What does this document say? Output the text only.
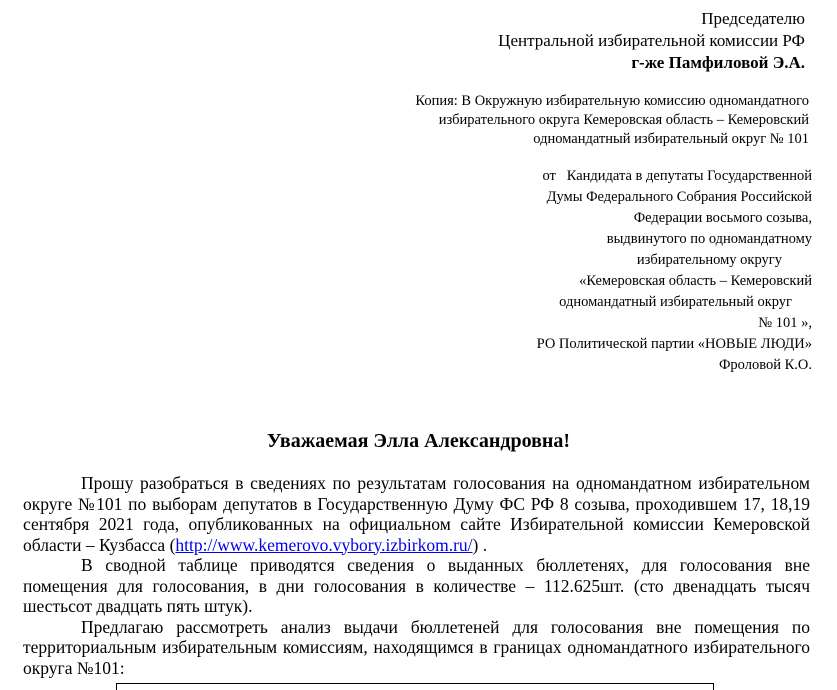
Председателю
Центральной избирательной комиссии РФ
г-же Памфиловой Э.А.
Копия: В Окружную избирательную комиссию одномандатного
избирательного округа Кемеровская область – Кемеровский
одномандатный избирательный округ № 101
от   Кандидата в депутаты Государственной
Думы Федерального Собрания Российской
Федерации восьмого созыва,
выдвинутого по одномандатному
избирательному округу
«Кемеровская область – Кемеровский
одномандатный избирательный округ
№ 101 »,
РО Политической партии «НОВЫЕ ЛЮДИ»
Фроловой К.О.
Уважаемая Элла Александровна!

Прошу разобраться в сведениях по результатам голосования на одномандатном избирательном округе №101 по выборам депутатов в Государственную Думу ФС РФ 8 созыва, проходившем 17, 18,19 сентября 2021 года, опубликованных на официальном сайте Избирательной комиссии Кемеровской области – Кузбасса (http://www.kemerovo.vybory.izbirkom.ru/) .

В сводной таблице приводятся сведения о выданных бюллетенях, для голосования вне помещения для голосования, в дни голосования в количестве – 112.625шт. (сто двенадцать тысяч шестьсот двадцать пять штук).

Предлагаю рассмотреть анализ выдачи бюллетеней для голосования вне помещения по территориальным избирательным комиссиям, находящимся в границах одномандатного избирательного округа №101:
